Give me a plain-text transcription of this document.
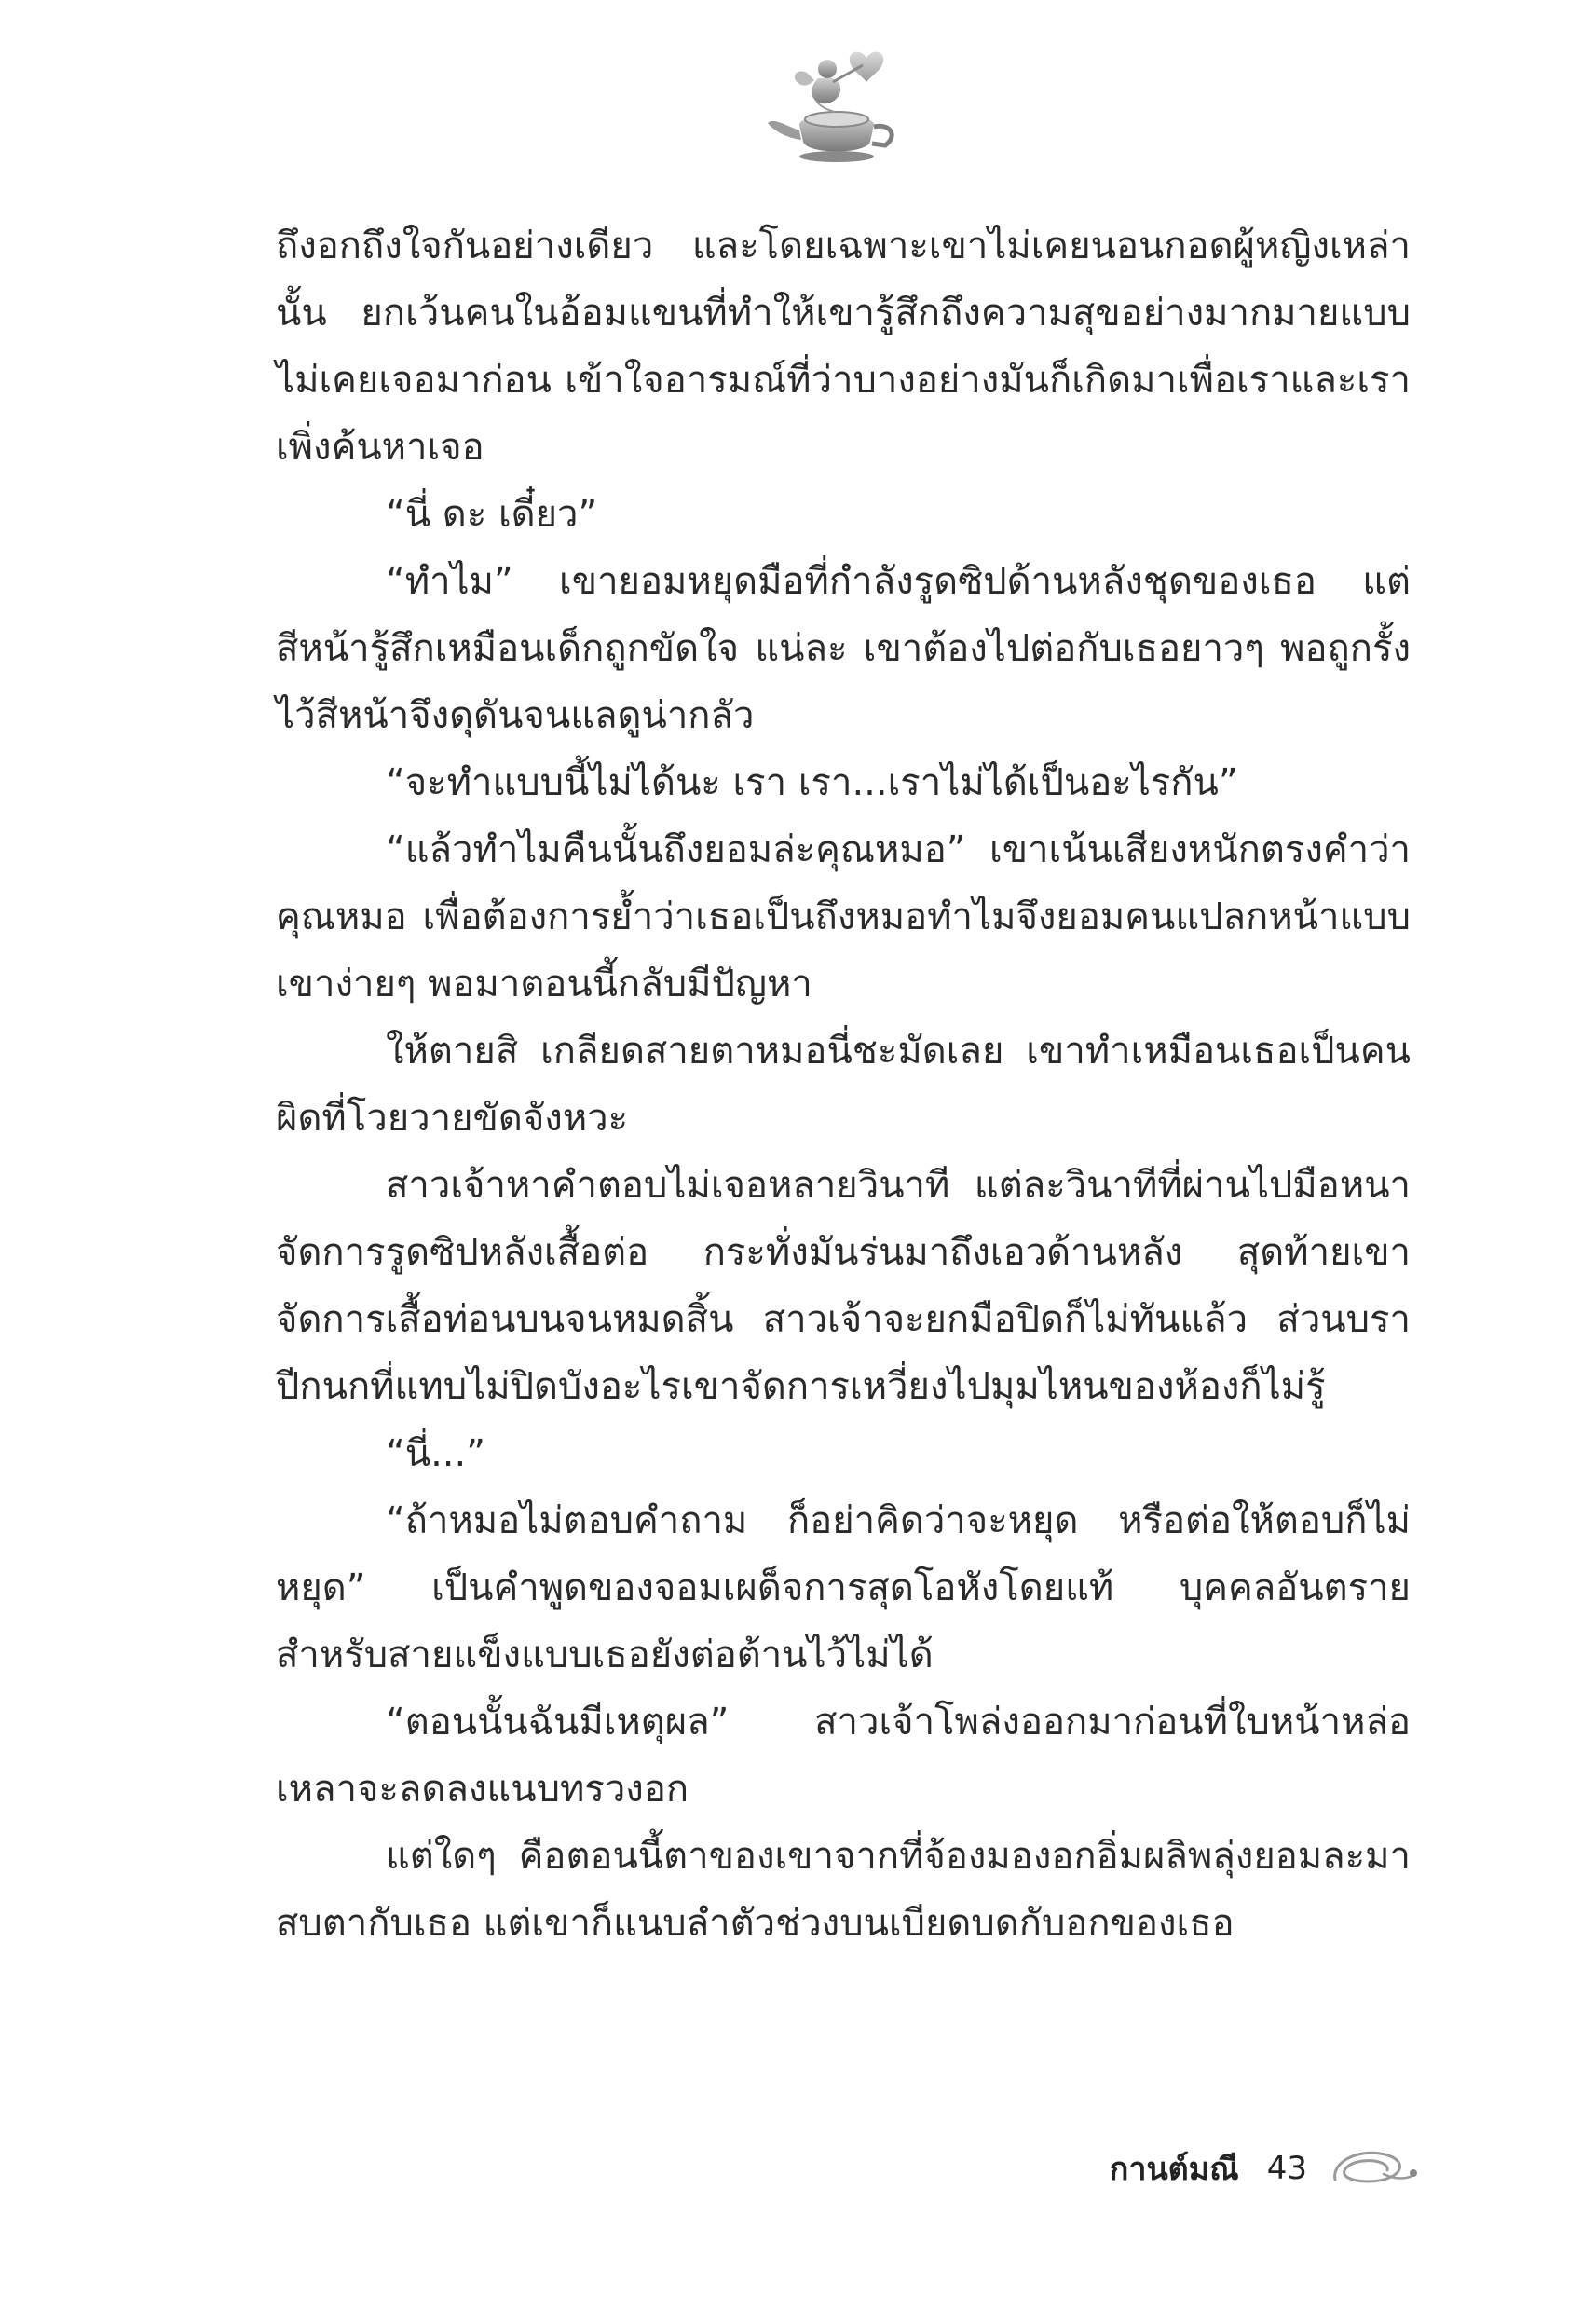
ถึงอกถึงใจกันอย่างเดียว และโดยเฉพาะเขาไม่เคยนอนกอดผู้หญิงเหล่านั้น ยกเว้นคนในอ้อมแขนที่ทำให้เขารู้สึกถึงความสุขอย่างมากมายแบบไม่เคยเจอมาก่อน เข้าใจอารมณ์ที่ว่าบางอย่างมันก็เกิดมาเพื่อเราและเราเพิ่งค้นหาเจอ

“นี่ ดะ เดี๋ยว”

“ทำไม” เขายอมหยุดมือที่กำลังรูดซิปด้านหลังชุดของเธอ แต่สีหน้ารู้สึกเหมือนเด็กถูกขัดใจ แน่ละ เขาต้องไปต่อกับเธอยาวๆ พอถูกรั้งไว้สีหน้าจึงดุดันจนแลดูน่ากลัว

“จะทำแบบนี้ไม่ได้นะ เรา เรา...เราไม่ได้เป็นอะไรกัน”

“แล้วทำไมคืนนั้นถึงยอมล่ะคุณหมอ” เขาเน้นเสียงหนักตรงคำว่าคุณหมอ เพื่อต้องการย้ำว่าเธอเป็นถึงหมอทำไมจึงยอมคนแปลกหน้าแบบเขาง่ายๆ พอมาตอนนี้กลับมีปัญหา

ให้ตายสิ เกลียดสายตาหมอนี่ชะมัดเลย เขาทำเหมือนเธอเป็นคนผิดที่โวยวายขัดจังหวะ

สาวเจ้าหาคำตอบไม่เจอหลายวินาที แต่ละวินาทีที่ผ่านไปมือหนาจัดการรูดซิปหลังเสื้อต่อ กระทั่งมันร่นมาถึงเอวด้านหลัง สุดท้ายเขาจัดการเสื้อท่อนบนจนหมดสิ้น สาวเจ้าจะยกมือปิดก็ไม่ทันแล้ว ส่วนบราปีกนกที่แทบไม่ปิดบังอะไรเขาจัดการเหวี่ยงไปมุมไหนของห้องก็ไม่รู้

“นี่...”

“ถ้าหมอไม่ตอบคำถาม ก็อย่าคิดว่าจะหยุด หรือต่อให้ตอบก็ไม่หยุด” เป็นคำพูดของจอมเผด็จการสุดโอหังโดยแท้ บุคคลอันตรายสำหรับสายแข็งแบบเธอยังต่อต้านไว้ไม่ได้

“ตอนนั้นฉันมีเหตุผล” สาวเจ้าโพล่งออกมาก่อนที่ใบหน้าหล่อเหลาจะลดลงแนบทรวงอก

แต่ใดๆ คือตอนนี้ตาของเขาจากที่จ้องมองอกอิ่มผลิพลุ่งยอมละมาสบตากับเธอ แต่เขาก็แนบลำตัวช่วงบนเบียดบดกับอกของเธอ

กานต์มณี 43
